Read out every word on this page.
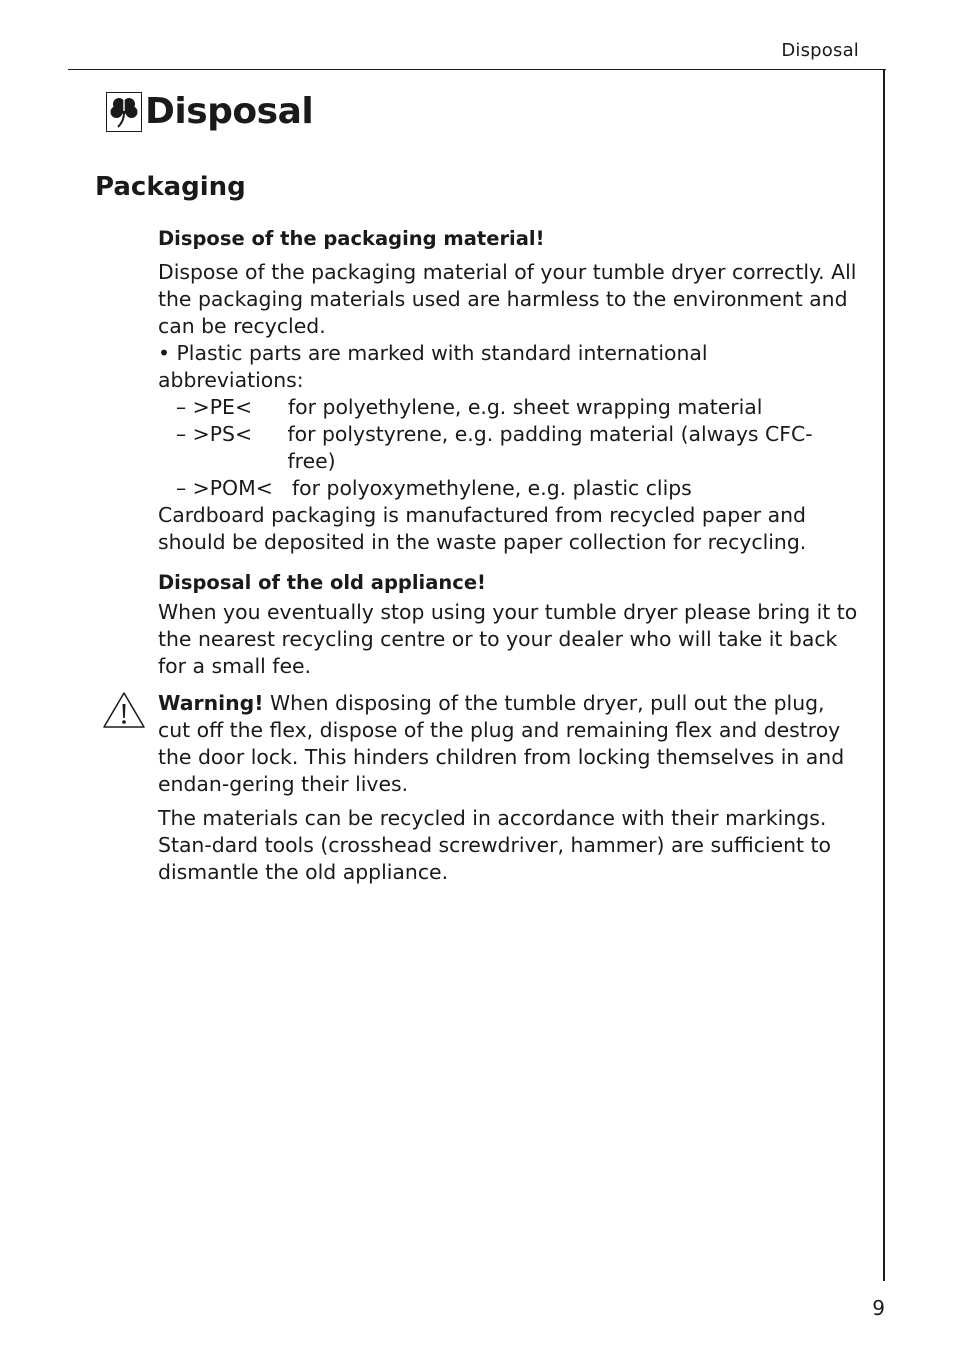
Disposal
Disposal
Packaging

Dispose of the packaging material!

Dispose of the packaging material of your tumble dryer correctly. All the packaging materials used are harmless to the environment and can be recycled.

• Plastic parts are marked with standard international abbreviations:

– >PE<	for polyethylene, e.g. sheet wrapping material
– >PS<	for polystyrene, e.g. padding material (always CFC-free)
– >POM< for polyoxymethylene, e.g. plastic clips

Cardboard packaging is manufactured from recycled paper and should be deposited in the waste paper collection for recycling.

Disposal of the old appliance!

When you eventually stop using your tumble dryer please bring it to the nearest recycling centre or to your dealer who will take it back for a small fee.

Warning! When disposing of the tumble dryer, pull out the plug, cut off the flex, dispose of the plug and remaining flex and destroy the door lock. This hinders children from locking themselves in and endan-gering their lives.

The materials can be recycled in accordance with their markings. Stan-dard tools (crosshead screwdriver, hammer) are sufficient to dismantle the old appliance.

9
